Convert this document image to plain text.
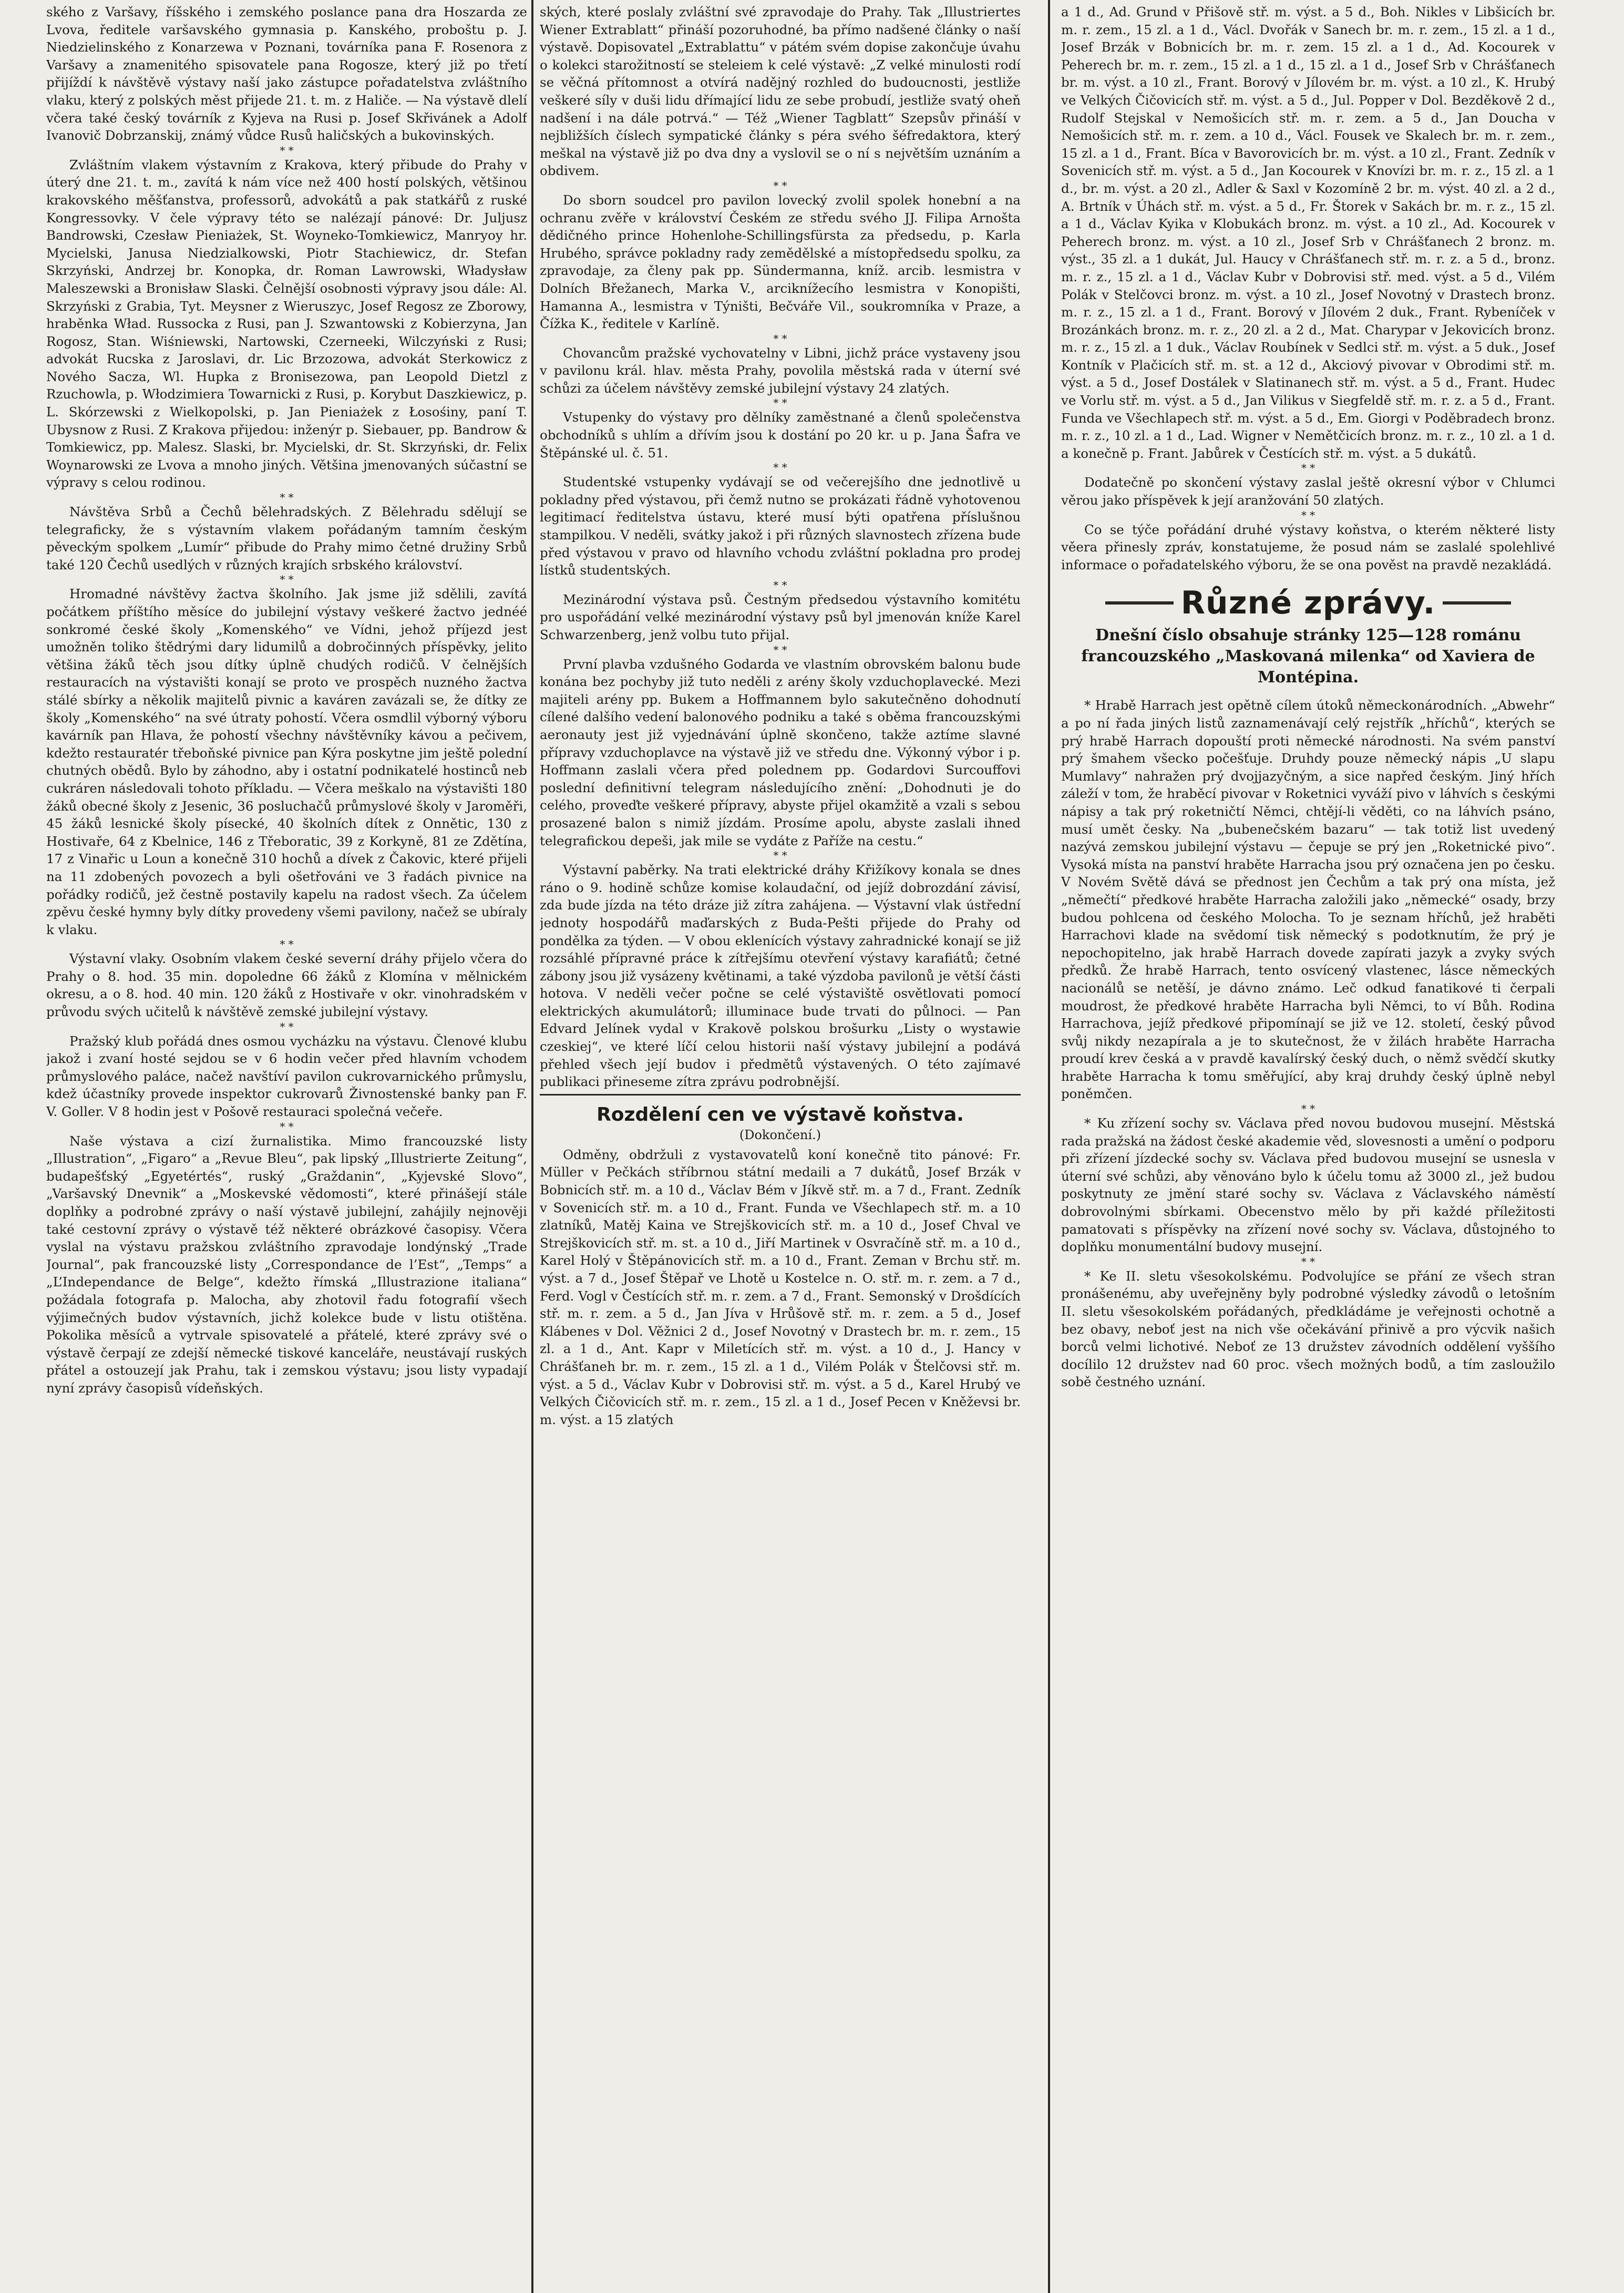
ského z Varšavy, říšského i zemského poslance pana dra Hoszarda ze Lvova, ředitele varšavského gymnasia p. Kanského, proboštu p. J. Niedzielinského z Konarzewa v Poznani, továrníka pana F. Rosenora z Varšavy a znamenitého spisovatele pana Rogosze, který již po třetí přijíždí k návštěvě výstavy naší jako zástupce pořadatelstva zvláštního vlaku, který z polských měst přijede 21. t. m. z Haliče. — Na výstavě dlelí včera také český továrník z Kyjeva na Rusi p. Josef Skřivánek a Adolf Ivanovič Dobrzanskij, známý vůdce Rusů haličských a bukovinských.

* *

Zvláštním vlakem výstavním z Krakova, který přibude do Prahy v úterý dne 21. t. m., zavítá k nám více než 400 hostí polských, většinou krakovského měšťanstva, professorů, advokátů a pak statkářů z ruské Kongressovky. V čele výpravy této se nalézají pánové: Dr. Juljusz Bandrowski, Czesław Pieniażek, St. Woyneko-Tomkiewicz, Manryoy hr. Mycielski, Janusa Niedzialkowski, Piotr Stachiewicz, dr. Stefan Skrzyński, Andrzej br. Konopka, dr. Roman Lawrowski, Władysław Maleszewski a Bronisław Slaski. Čelnější osobnosti výpravy jsou dále: Al. Skrzyński z Grabia, Tyt. Meysner z Wieruszyc, Josef Regosz ze Zborowy, hraběnka Wład. Russocka z Rusi, pan J. Szwantowski z Kobierzyna, Jan Rogosz, Stan. Wiśniewski, Nartowski, Czerneeki, Wilczyński z Rusi; advokát Rucska z Jaroslavi, dr. Lic Brzozowa, advokát Sterkowicz z Nového Sacza, Wl. Hupka z Bronisezowa, pan Leopold Dietzl z Rzuchowla, p. Włodzimiera Towarnicki z Rusi, p. Korybut Daszkiewicz, p. L. Skórzewski z Wielkopolski, p. Jan Pieniażek z Łosośiny, paní T. Ubysnow z Rusi. Z Krakova přijedou: inženýr p. Siebauer, pp. Bandrow & Tomkiewicz, pp. Malesz. Slaski, br. Mycielski, dr. St. Skrzyński, dr. Felix Woynarowski ze Lvova a mnoho jiných. Většina jmenovaných súčastní se výpravy s celou rodinou.

* *

Návštěva Srbů a Čechů bělehradských. Z Bělehradu sdělují se telegraficky, že s výstavním vlakem pořádaným tamním českým pěveckým spolkem „Lumír“ přibude do Prahy mimo četné družiny Srbů také 120 Čechů usedlých v různých krajích srbského království.

* *

Hromadné návštěvy žactva školního. Jak jsme již sdělili, zavítá počátkem příštího měsíce do jubilejní výstavy veškeré žactvo jednéé sonkromé české školy „Komenského“ ve Vídni, jehož příjezd jest umožněn toliko štědrými dary lidumilů a dobročinných příspěvky, jelito většina žáků těch jsou dítky úplně chudých rodičů. V čelnějších restauracích na výstavišti konají se proto ve prospěch nuzného žactva stálé sbírky a několik majitelů pivnic a kaváren zavázali se, že dítky ze školy „Komenského“ na své útraty pohostí. Včera osmdlil výborný výboru kavárník pan Hlava, že pohostí všechny návštěvníky kávou a pečivem, kdežto restauratér třeboňské pivnice pan Kýra poskytne jim ještě polední chutných obědů. Bylo by záhodno, aby i ostatní podnikatelé hostinců neb cukráren následovali tohoto příkladu. — Včera meškalo na výstavišti 180 žáků obecné školy z Jesenic, 36 posluchačů průmyslové školy v Jaroměři, 45 žáků lesnické školy písecké, 40 školních dítek z Onnětic, 130 z Hostivaře, 64 z Kbelnice, 146 z Třeboratic, 39 z Korkyně, 81 ze Zdětína, 17 z Vinařic u Loun a konečně 310 hochů a dívek z Čakovic, které přijeli na 11 zdobených povozech a byli ošetřováni ve 3 řadách pivnice na pořádky rodičů, jež čestně postavily kapelu na radost všech. Za účelem zpěvu české hymny byly dítky provedeny všemi pavilony, načež se ubíraly k vlaku.

* *

Výstavní vlaky. Osobním vlakem české severní dráhy přijelo včera do Prahy o 8. hod. 35 min. dopoledne 66 žáků z Klomína v mělnickém okresu, a o 8. hod. 40 min. 120 žáků z Hostivaře v okr. vinohradském v průvodu svých učitelů k návštěvě zemské jubilejní výstavy.

* *

Pražský klub pořádá dnes osmou vycházku na výstavu. Členové klubu jakož i zvaní hosté sejdou se v 6 hodin večer před hlavním vchodem průmyslového paláce, načež navštíví pavilon cukrovarnického průmyslu, kdež účastníky provede inspektor cukrovarů Živnostenské banky pan F. V. Goller. V 8 hodin jest v Pošově restauraci společná večeře.

* *

Naše výstava a cizí žurnalistika. Mimo francouzské listy „Illustration“, „Figaro“ a „Revue Bleu“, pak lipský „Illustrierte Zeitung“, budapešťský „Egyetértés“, ruský „Graždanin“, „Kyjevské Slovo“, „Varšavský Dnevnik“ a „Moskevské vědomosti“, které přinášejí stále doplňky a podrobné zprávy o naší výstavě jubilejní, zahájily nejnověji také cestovní zprávy o výstavě též některé obrázkové časopisy. Včera vyslal na výstavu pražskou zvláštního zpravodaje londýnský „Trade Journal“, pak francouzské listy „Correspondance de l’Est“, „Temps“ a „L’Independance de Belge“, kdežto římská „Illustrazione italiana“ požádala fotografa p. Malocha, aby zhotovil řadu fotografií všech výjimečných budov výstavních, jichž kolekce bude v listu otištěna. Pokolika měsíců a vytrvale spisovatelé a přátelé, které zprávy své o výstavě čerpají ze zdejší německé tiskové kanceláře, neustávají ruských přátel a ostouzejí jak Prahu, tak i zemskou výstavu; jsou listy vypadají nyní zprávy časopisů vídeňských.

ských, které poslaly zvláštní své zpravodaje do Prahy. Tak „Illustriertes Wiener Extrablatt“ přináší pozoruhodné, ba přímo nadšené články o naší výstavě. Dopisovatel „Extrablattu“ v pátém svém dopise zakončuje úvahu o kolekci starožitností se steleiem k celé výstavě: „Z velké minulosti rodí se věčná přítomnost a otvírá nadějný rozhled do budoucnosti, jestliže veškeré síly v duši lidu dřímající lidu ze sebe probudí, jestliže svatý oheň nadšení i na dále potrvá.“ — Též „Wiener Tagblatt“ Szepsův přináší v nejbližších číslech sympatické články s péra svého šéfredaktora, který meškal na výstavě již po dva dny a vyslovil se o ní s největším uznáním a obdivem.

* *

Do sborn soudcel pro pavilon lovecký zvolil spolek honební a na ochranu zvěře v království Českém ze středu svého JJ. Filipa Arnošta dědičného prince Hohenlohe-Schillingsfürsta za předsedu, p. Karla Hrubého, správce pokladny rady zemědělské a místopředsedu spolku, za zpravodaje, za členy pak pp. Sündermanna, kníž. arcib. lesmistra v Dolních Břežanech, Marka V., arciknížecího lesmistra v Konopišti, Hamanna A., lesmistra v Týništi, Bečváře Vil., soukromníka v Praze, a Čížka K., ředitele v Karlíně.

* *

Chovancům pražské vychovatelny v Libni, jichž práce vystaveny jsou v pavilonu král. hlav. města Prahy, povolila městská rada v úterní své schůzi za účelem návštěvy zemské jubilejní výstavy 24 zlatých.

* *

Vstupenky do výstavy pro dělníky zaměstnané a členů společenstva obchodníků s uhlím a dřívím jsou k dostání po 20 kr. u p. Jana Šafra ve Štěpánské ul. č. 51.

* *

Studentské vstupenky vydávají se od večerejšího dne jednotlivě u pokladny před výstavou, při čemž nutno se prokázati řádně vyhotovenou legitimací ředitelstva ústavu, které musí býti opatřena příslušnou stampilkou. V neděli, svátky jakož i při různých slavnostech zřízena bude před výstavou v pravo od hlavního vchodu zvláštní pokladna pro prodej lístků studentských.

* *

Mezinárodní výstava psů. Čestným předsedou výstavního komitétu pro uspořádání velké mezinárodní výstavy psů byl jmenován kníže Karel Schwarzenberg, jenž volbu tuto přijal.

* *

První plavba vzdušného Godarda ve vlastním obrovském balonu bude konána bez pochyby již tuto neděli z arény školy vzduchoplavecké. Mezi majiteli arény pp. Bukem a Hoffmannem bylo sakutečněno dohodnutí cílené dalšího vedení balonového podniku a také s oběma francouzskými aeronauty jest již vyjednávání úplně skončeno, takže aztíme slavné přípravy vzduchoplavce na výstavě již ve středu dne. Výkonný výbor i p. Hoffmann zaslali včera před polednem pp. Godardovi Surcouffovi poslední definitivní telegram následujícího znění: „Dohodnuti je do celého, proveďte veškeré přípravy, abyste přijel okamžitě a vzali s sebou prosazené balon s nimiž jízdám. Prosíme apolu, abyste zaslali ihned telegrafickou depeši, jak mile se vydáte z Paříže na cestu.“

* *

Výstavní paběrky. Na trati elektrické dráhy Křižíkovy konala se dnes ráno o 9. hodině schůze komise kolaudační, od jejíž dobrozdání závisí, zda bude jízda na této dráze již zítra zahájena. — Výstavní vlak ústřední jednoty hospodářů maďarských z Buda-Pešti přijede do Prahy od pondělka za týden. — V obou eklenících výstavy zahradnické konají se již rozsáhlé přípravné práce k zítřejšímu otevření výstavy karafiátů; četné zábony jsou již vysázeny květinami, a také výzdoba pavilonů je větší části hotova. V neděli večer počne se celé výstaviště osvětlovati pomocí elektrických akumulátorů; illuminace bude trvati do půlnoci. — Pan Edvard Jelínek vydal v Krakově polskou brošurku „Listy o wystawie czeskiej“, ve které líčí celou historii naší výstavy jubilejní a podává přehled všech její budov i předmětů výstavených. O této zajímavé publikaci přineseme zítra zprávu podrobnější.

Rozdělení cen ve výstavě koňstva.
(Dokončení.)

Odměny, obdržuli z vystavovatelů koní konečně tito pánové: Fr. Müller v Pečkách stříbrnou státní medaili a 7 dukátů, Josef Brzák v Bobnicích stř. m. a 10 d., Václav Bém v Jíkvě stř. m. a 7 d., Frant. Zedník v Sovenicích stř. m. a 10 d., Frant. Funda ve Všechlapech stř. m. a 10 zlatníků, Matěj Kaina ve Strejškovicích stř. m. a 10 d., Josef Chval ve Strejškovicích stř. m. st. a 10 d., Jiří Martinek v Osvračíně stř. m. a 10 d., Karel Holý v Štěpánovicích stř. m. a 10 d., Frant. Zeman v Brchu stř. m. výst. a 7 d., Josef Štěpař ve Lhotě u Kostelce n. O. stř. m. r. zem. a 7 d., Ferd. Vogl v Čestících stř. m. r. zem. a 7 d., Frant. Semonský v Drošdících stř. m. r. zem. a 5 d., Jan Jíva v Hrůšově stř. m. r. zem. a 5 d., Josef Klábenes v Dol. Věžnici 2 d., Josef Novotný v Drastech br. m. r. zem., 15 zl. a 1 d., Ant. Kapr v Miletících stř. m. výst. a 10 d., J. Hancy v Chrášťaneh br. m. r. zem., 15 zl. a 1 d., Vilém Polák v Štelčovsi stř. m. výst. a 5 d., Václav Kubr v Dobrovisi stř. m. výst. a 5 d., Karel Hrubý ve Velkých Čičovicích stř. m. r. zem., 15 zl. a 1 d., Josef Pecen v Kněževsi br. m. výst. a 15 zlatých

a 1 d., Ad. Grund v Přišově stř. m. výst. a 5 d., Boh. Nikles v Libšicích br. m. r. zem., 15 zl. a 1 d., Václ. Dvořák v Sanech br. m. r. zem., 15 zl. a 1 d., Josef Brzák v Bobnicích br. m. r. zem. 15 zl. a 1 d., Ad. Kocourek v Peherech br. m. r. zem., 15 zl. a 1 d., 15 zl. a 1 d., Josef Srb v Chrášťanech br. m. výst. a 10 zl., Frant. Borový v Jílovém br. m. výst. a 10 zl., K. Hrubý ve Velkých Čičovicích stř. m. výst. a 5 d., Jul. Popper v Dol. Bezděkově 2 d., Rudolf Stejskal v Nemošicích stř. m. r. zem. a 5 d., Jan Doucha v Nemošicích stř. m. r. zem. a 10 d., Václ. Fousek ve Skalech br. m. r. zem., 15 zl. a 1 d., Frant. Bíca v Bavorovicích br. m. výst. a 10 zl., Frant. Zedník v Sovenicích stř. m. výst. a 5 d., Jan Kocourek v Knovízi br. m. r. z., 15 zl. a 1 d., br. m. výst. a 20 zl., Adler & Saxl v Kozomíně 2 br. m. výst. 40 zl. a 2 d., A. Brtník v Úhách stř. m. výst. a 5 d., Fr. Štorek v Sakách br. m. r. z., 15 zl. a 1 d., Václav Kyika v Klobukách bronz. m. výst. a 10 zl., Ad. Kocourek v Peherech bronz. m. výst. a 10 zl., Josef Srb v Chrášťanech 2 bronz. m. výst., 35 zl. a 1 dukát, Jul. Haucy v Chrášťanech stř. m. r. z. a 5 d., bronz. m. r. z., 15 zl. a 1 d., Václav Kubr v Dobrovisi stř. med. výst. a 5 d., Vilém Polák v Stelčovci bronz. m. výst. a 10 zl., Josef Novotný v Drastech bronz. m. r. z., 15 zl. a 1 d., Frant. Borový v Jílovém 2 duk., Frant. Rybeníček v Brozánkách bronz. m. r. z., 20 zl. a 2 d., Mat. Charypar v Jekovicích bronz. m. r. z., 15 zl. a 1 duk., Václav Roubínek v Sedlci stř. m. výst. a 5 duk., Josef Kontník v Plačicích stř. m. st. a 12 d., Akciový pivovar v Obrodimi stř. m. výst. a 5 d., Josef Dostálek v Slatinanech stř. m. výst. a 5 d., Frant. Hudec ve Vorlu stř. m. výst. a 5 d., Jan Vilikus v Siegfeldě stř. m. r. z. a 5 d., Frant. Funda ve Všechlapech stř. m. výst. a 5 d., Em. Giorgi v Poděbradech bronz. m. r. z., 10 zl. a 1 d., Lad. Wigner v Nemětčicích bronz. m. r. z., 10 zl. a 1 d. a konečně p. Frant. Jabůrek v Čestících stř. m. výst. a 5 dukátů.

* *

Dodatečně po skončení výstavy zaslal ještě okresní výbor v Chlumci věrou jako příspěvek k její aranžování 50 zlatých.

* *

Co se týče pořádání druhé výstavy koňstva, o kterém některé listy věera přinesly zpráv, konstatujeme, že posud nám se zaslalé spolehlivé informace o pořadatelského výboru, že se ona pověst na pravdě nezakládá.

Různé zprávy.
Dnešní číslo obsahuje stránky 125—128 románu francouzského „Maskovaná milenka“ od Xaviera de Montépina.

* Hrabě Harrach jest opětně cílem útoků německonárodních. „Abwehr“ a po ní řada jiných listů zaznamenávají celý rejstřík „hříchů“, kterých se prý hrabě Harrach dopouští proti německé národnosti. Na svém panství prý šmahem všecko počešťuje. Druhdy pouze německý nápis „U slapu Mumlavy“ nahražen prý dvojjazyčným, a sice napřed českým. Jiný hřích záleží v tom, že hraběcí pivovar v Roketnici vyváží pivo v láhvích s českými nápisy a tak prý roketničtí Němci, chtějí-li věděti, co na láhvích psáno, musí umět česky. Na „bubenečském bazaru“ — tak totiž list uvedený nazývá zemskou jubilejní výstavu — čepuje se prý jen „Roketnické pivo“. Vysoká místa na panství hraběte Harracha jsou prý označena jen po česku. V Novém Světě dává se přednost jen Čechům a tak prý ona místa, jež „němečtí“ předkové hraběte Harracha založili jako „německé“ osady, brzy budou pohlcena od českého Molocha. To je seznam hříchů, jež hraběti Harrachovi klade na svědomí tisk německý s podotknutím, že prý je nepochopitelno, jak hrabě Harrach dovede zapírati jazyk a zvyky svých předků. Že hrabě Harrach, tento osvícený vlastenec, lásce německých nacionálů se netěší, je dávno známo. Leč odkud fanatikové ti čerpali moudrost, že předkové hraběte Harracha byli Němci, to ví Bůh. Rodina Harrachova, jejíž předkové připomínají se již ve 12. století, český původ svůj nikdy nezapírala a je to skutečnost, že v žilách hraběte Harracha proudí krev česká a v pravdě kavalírský český duch, o němž svědčí skutky hraběte Harracha k tomu směřující, aby kraj druhdy český úplně nebyl poněmčen.

* *

* Ku zřízení sochy sv. Václava před novou budovou musejní. Městská rada pražská na žádost české akademie věd, slovesnosti a umění o podporu při zřízení jízdecké sochy sv. Václava před budovou musejní se usnesla v úterní své schůzi, aby věnováno bylo k účelu tomu až 3000 zl., jež budou poskytnuty ze jmění staré sochy sv. Václava z Václavského náměstí dobrovolnými sbírkami. Obecenstvo mělo by při každé příležitosti pamatovati s příspěvky na zřízení nové sochy sv. Václava, důstojného to doplňku monumentální budovy musejní.

* *

* Ke II. sletu všesokolskému. Podvolujíce se přání ze všech stran pronášenému, aby uveřejněny byly podrobné výsledky závodů o letošním II. sletu všesokolském pořádaných, předkládáme je veřejnosti ochotně a bez obavy, neboť jest na nich vše očekávání přinivě a pro výcvik našich borců velmi lichotivé. Neboť ze 13 družstev závodních oddělení vyššího docílilo 12 družstev nad 60 proc. všech možných bodů, a tím zasloužilo sobě čestného uznání.
